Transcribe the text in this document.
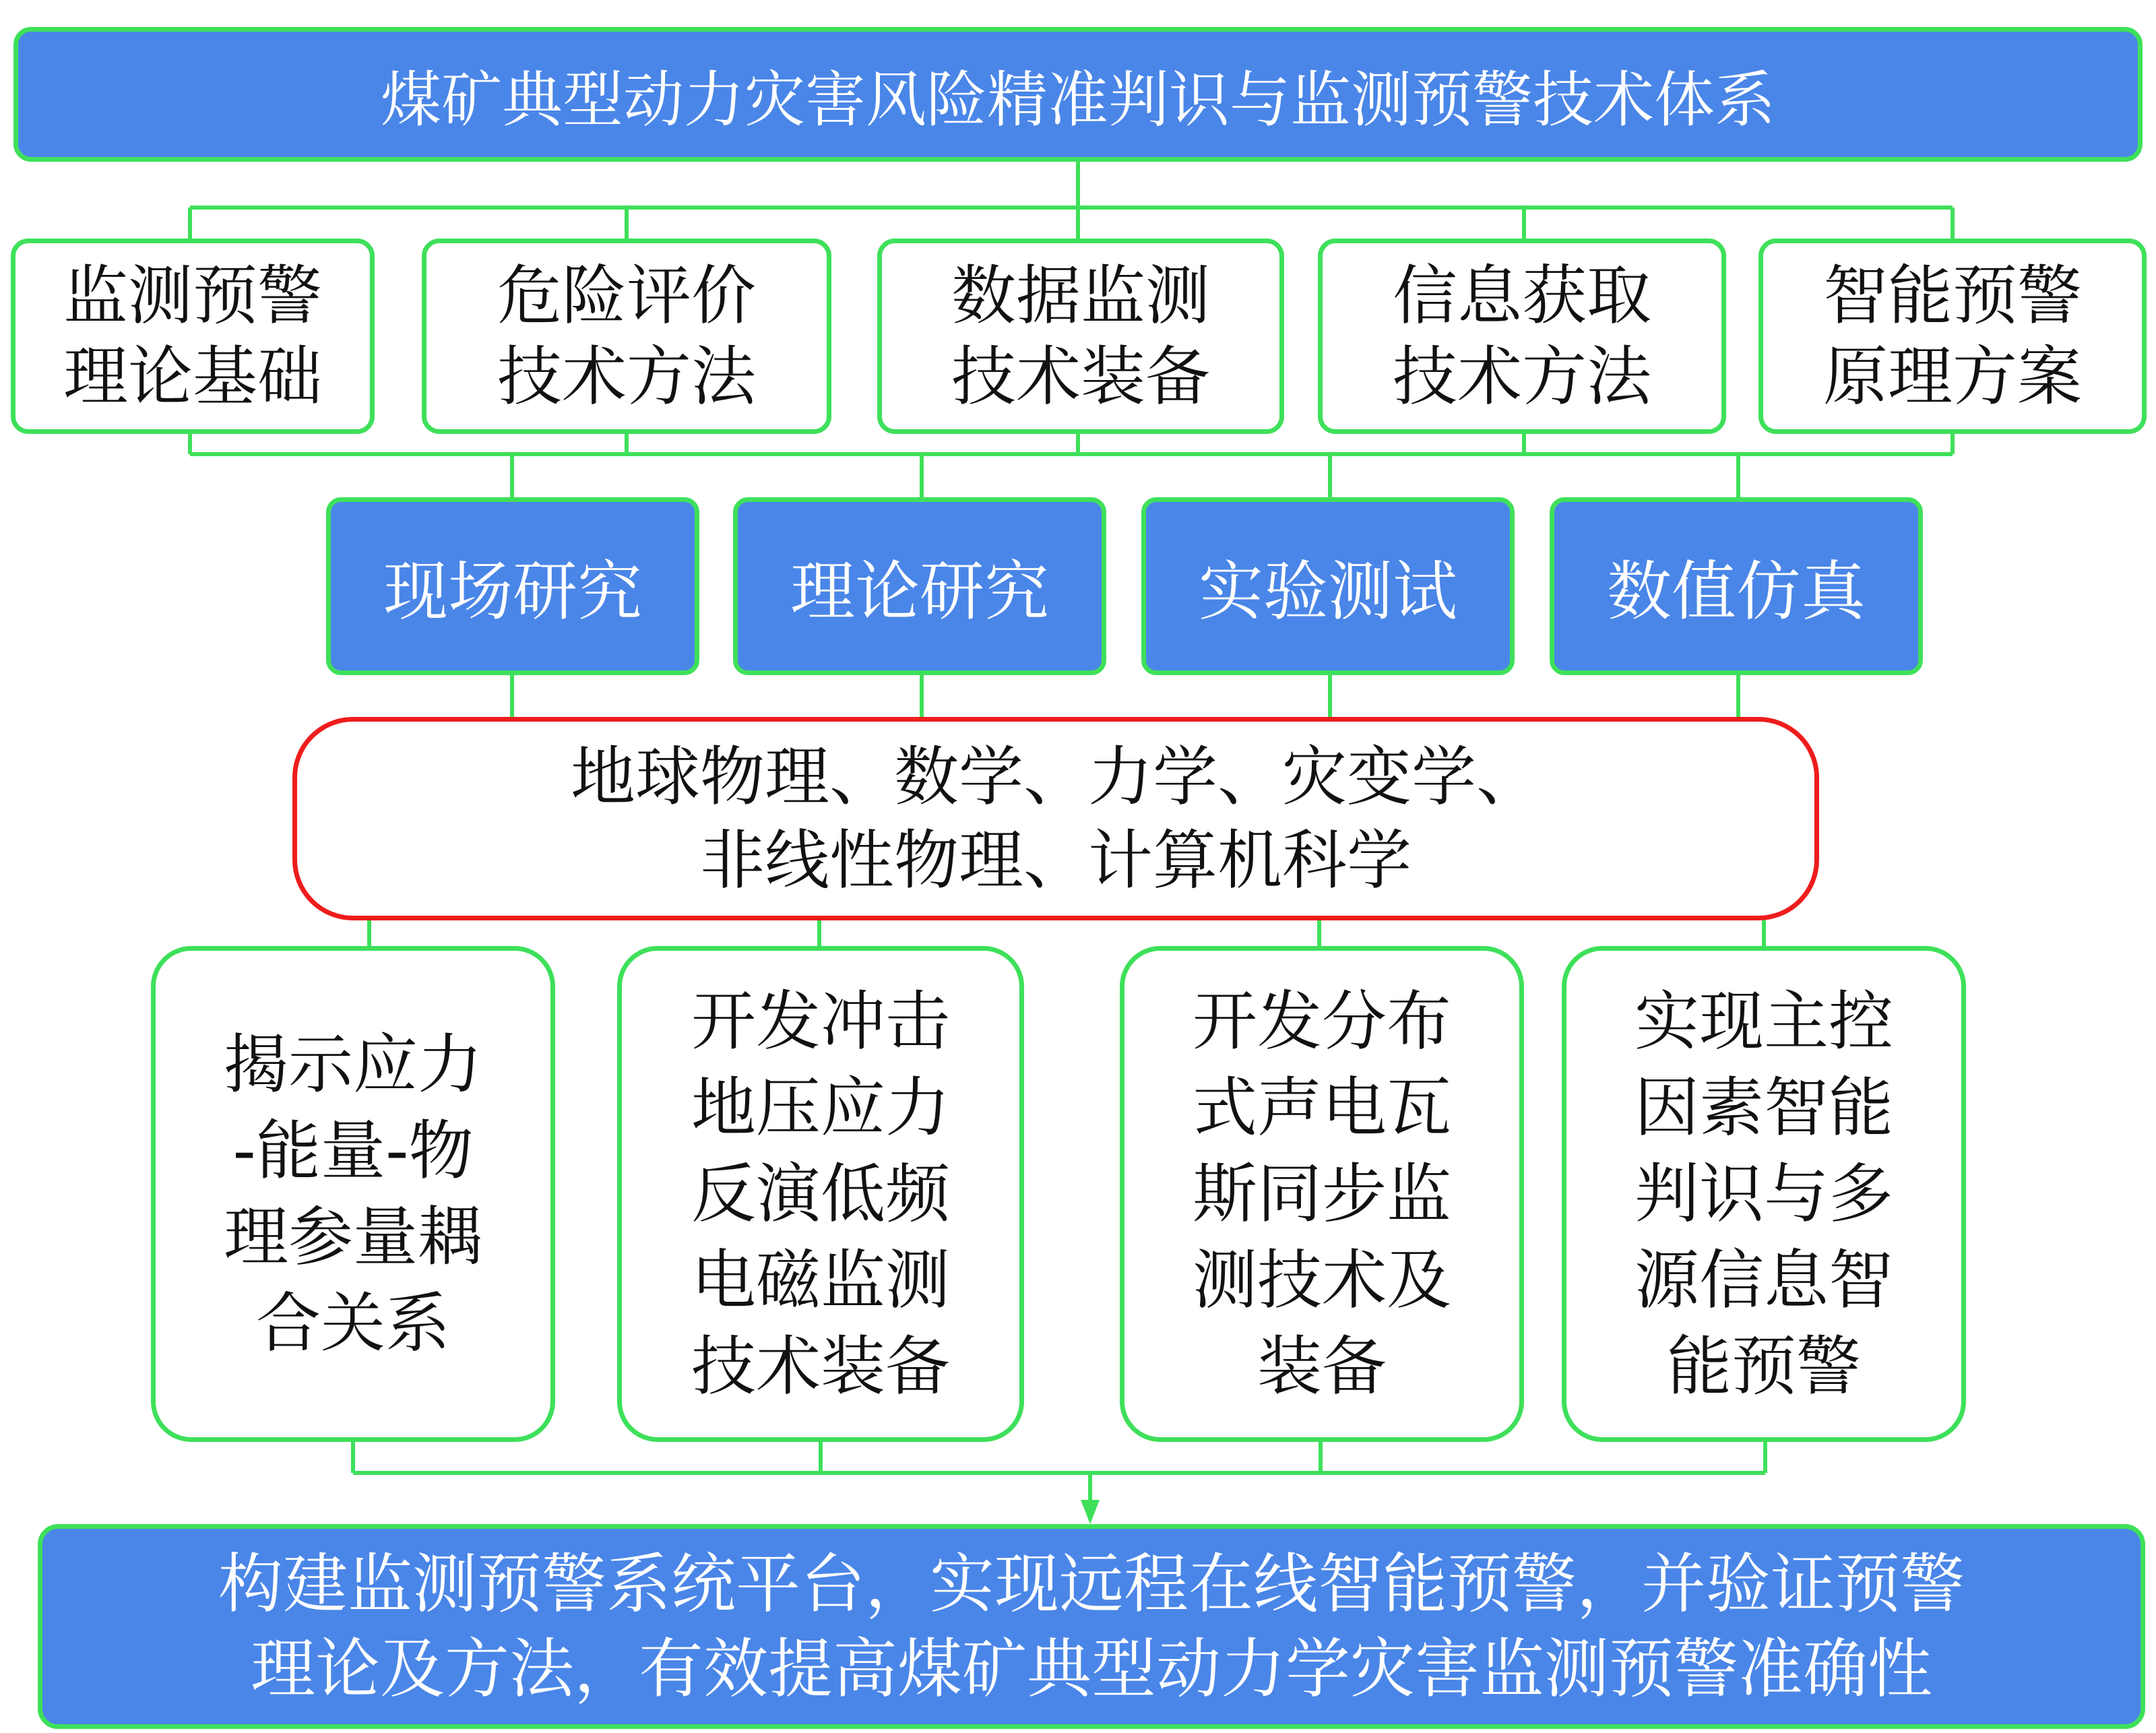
煤矿典型动力灾害风险精准判识与监测预警技术体系
监测预警
理论基础
危险评价
技术方法
数据监测
技术装备
信息获取
技术方法
智能预警
原理方案
现场研究 理论研究 实验测试 数值仿真
地球物理、数学、力学、灾变学、
非线性物理、计算机科学
揭示应力
-能量-物
理参量耦
合关系
开发冲击
地压应力
反演低频
电磁监测
技术装备
开发分布
式声电瓦
斯同步监
测技术及
装备
实现主控
因素智能
判识与多
源信息智
能预警
构建监测预警系统平台，实现远程在线智能预警，并验证预警
理论及方法，有效提高煤矿典型动力学灾害监测预警准确性
